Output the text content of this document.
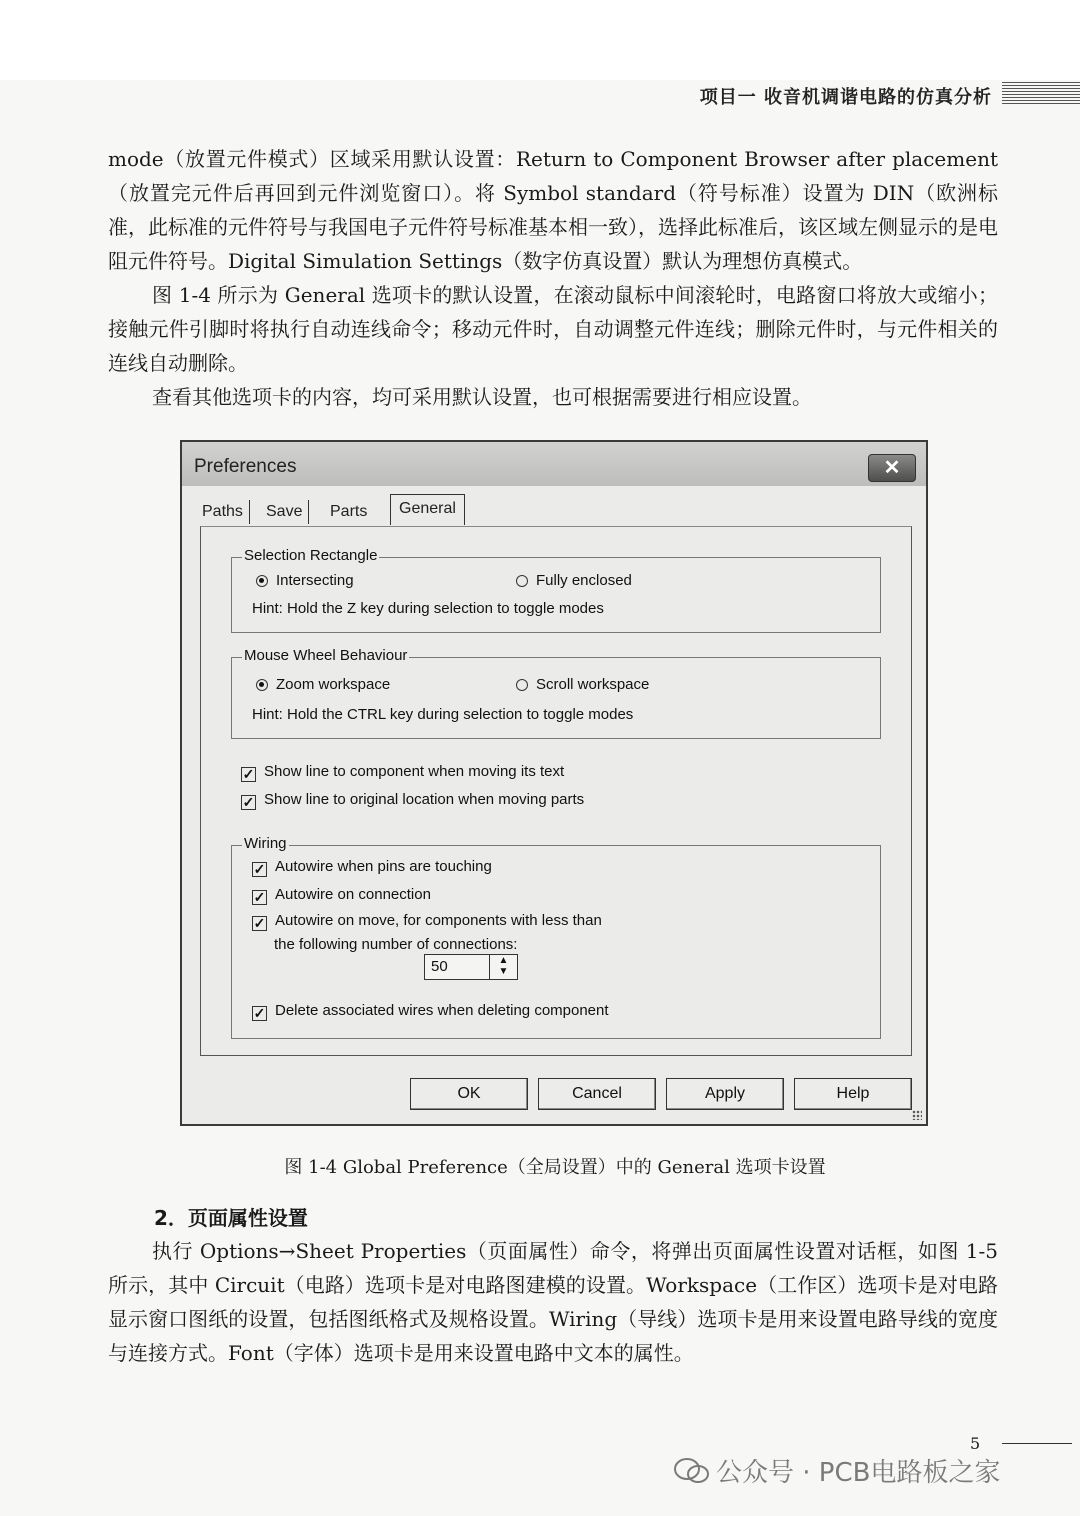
项目一 收音机调谐电路的仿真分析

mode（放置元件模式）区域采用默认设置：Return to Component Browser after placement（放置完元件后再回到元件浏览窗口）。将 Symbol standard（符号标准）设置为 DIN（欧洲标准，此标准的元件符号与我国电子元件符号标准基本相一致），选择此标准后，该区域左侧显示的是电阻元件符号。Digital Simulation Settings（数字仿真设置）默认为理想仿真模式。

图 1-4 所示为 General 选项卡的默认设置，在滚动鼠标中间滚轮时，电路窗口将放大或缩小；接触元件引脚时将执行自动连线命令；移动元件时，自动调整元件连线；删除元件时，与元件相关的连线自动删除。

查看其他选项卡的内容，均可采用默认设置，也可根据需要进行相应设置。

Preferences	✕
Paths	Save	Parts	General
Selection Rectangle
Intersecting	Fully enclosed
Hint: Hold the Z key during selection to toggle modes
Mouse Wheel Behaviour
Zoom workspace	Scroll workspace
Hint: Hold the CTRL key during selection to toggle modes
✓ Show line to component when moving its text
✓ Show line to original location when moving parts
Wiring
✓ Autowire when pins are touching
✓ Autowire on connection
✓ Autowire on move, for components with less than
the following number of connections:
50	▲
▼
✓ Delete associated wires when deleting component
OK	Cancel	Apply	Help
图 1-4 Global Preference（全局设置）中的 General 选项卡设置
2．页面属性设置

执行 Options→Sheet Properties（页面属性）命令，将弹出页面属性设置对话框，如图 1-5 所示，其中 Circuit（电路）选项卡是对电路图建模的设置。Workspace（工作区）选项卡是对电路显示窗口图纸的设置，包括图纸格式及规格设置。Wiring（导线）选项卡是用来设置电路导线的宽度与连接方式。Font（字体）选项卡是用来设置电路中文本的属性。

5
公众号 · PCB电路板之家
